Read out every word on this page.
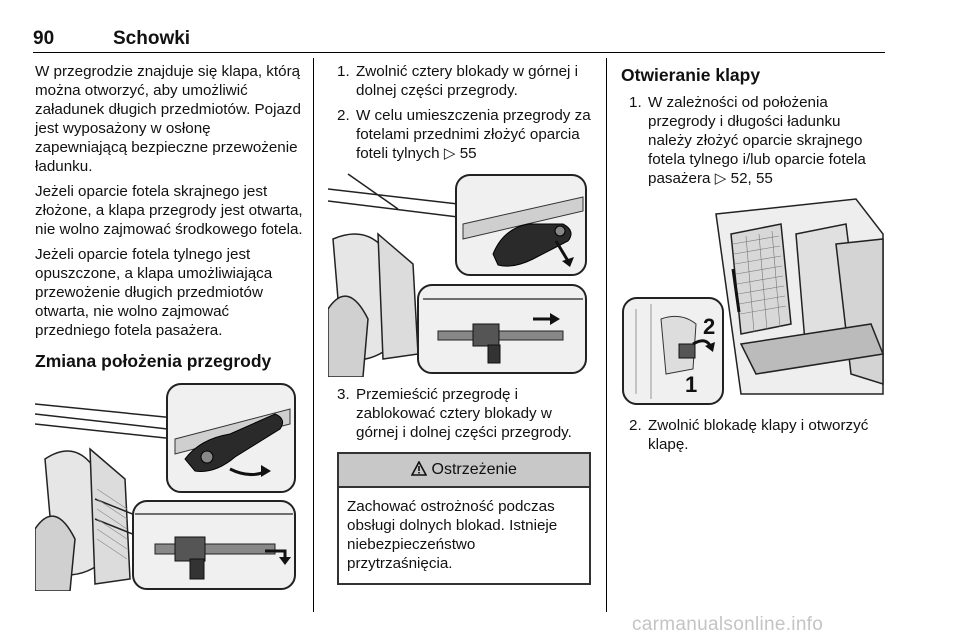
90	Schowki

W przegrodzie znajduje się klapa, którą można otworzyć, aby umożliwić załadunek długich przedmiotów. Pojazd jest wyposażony w osłonę zapewniającą bezpieczne przewożenie ładunku.

Jeżeli oparcie fotela skrajnego jest złożone, a klapa przegrody jest otwarta, nie wolno zajmować środkowego fotela.

Jeżeli oparcie fotela tylnego jest opuszczone, a klapa umożliwiająca przewożenie długich przedmiotów otwarta, nie wolno zajmować przedniego fotela pasażera.

Zmiana położenia przegrody
1. Zwolnić cztery blokady w górnej i dolnej części przegrody.
2. W celu umieszczenia przegrody za fotelami przednimi złożyć oparcia foteli tylnych ▷ 55
3. Przemieścić przegrodę i zablokować cztery blokady w górnej i dolnej części przegrody.
Ostrzeżenie
Zachować ostrożność podczas obsługi dolnych blokad. Istnieje niebezpieczeństwo przytrzaśnięcia.
Otwieranie klapy
1. W zależności od położenia przegrody i długości ładunku należy złożyć oparcie skrajnego fotela tylnego i/lub oparcie fotela pasażera ▷ 52, 55
1
2
2. Zwolnić blokadę klapy i otworzyć klapę.
carmanualsonline.info
